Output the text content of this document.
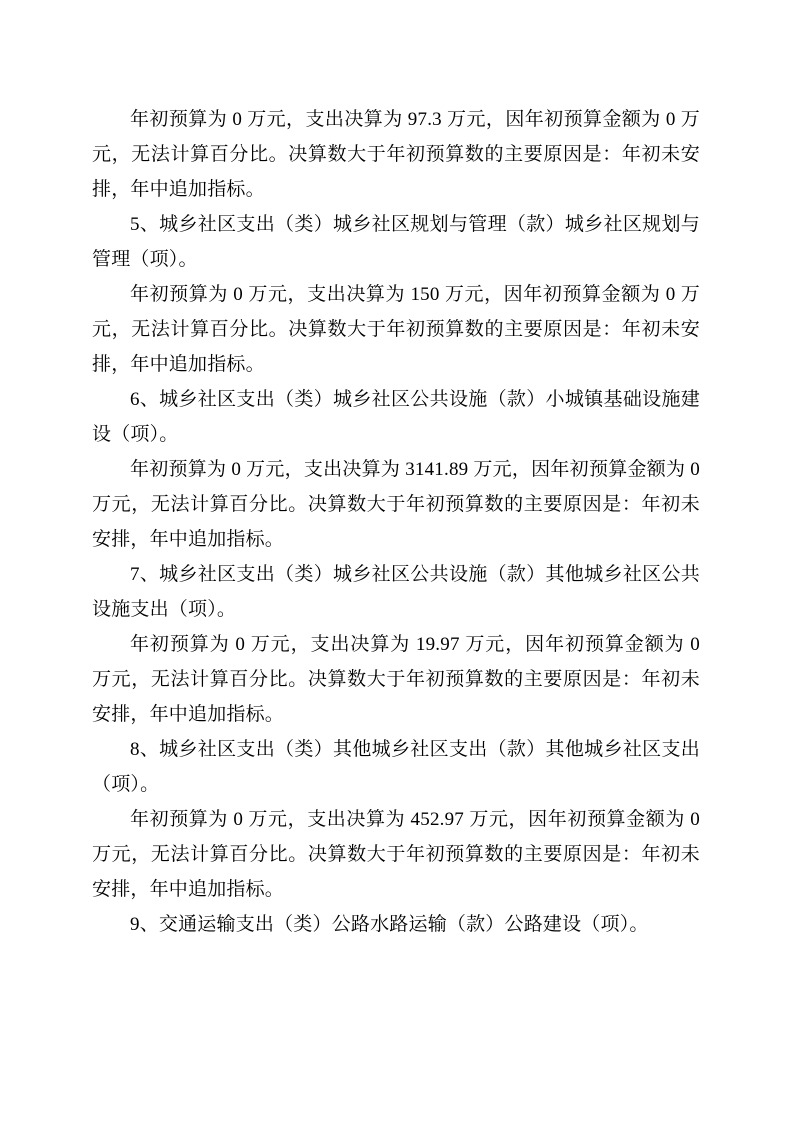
年初预算为 0 万元，支出决算为 97.3 万元，因年初预算金额为 0 万元，无法计算百分比。决算数大于年初预算数的主要原因是：年初未安排，年中追加指标。

5、城乡社区支出（类）城乡社区规划与管理（款）城乡社区规划与管理（项）。

年初预算为 0 万元，支出决算为 150 万元，因年初预算金额为 0 万元，无法计算百分比。决算数大于年初预算数的主要原因是：年初未安排，年中追加指标。

6、城乡社区支出（类）城乡社区公共设施（款）小城镇基础设施建设（项）。

年初预算为 0 万元，支出决算为 3141.89 万元，因年初预算金额为 0 万元，无法计算百分比。决算数大于年初预算数的主要原因是：年初未安排，年中追加指标。

7、城乡社区支出（类）城乡社区公共设施（款）其他城乡社区公共设施支出（项）。

年初预算为 0 万元，支出决算为 19.97 万元，因年初预算金额为 0 万元，无法计算百分比。决算数大于年初预算数的主要原因是：年初未安排，年中追加指标。

8、城乡社区支出（类）其他城乡社区支出（款）其他城乡社区支出（项）。

年初预算为 0 万元，支出决算为 452.97 万元，因年初预算金额为 0 万元，无法计算百分比。决算数大于年初预算数的主要原因是：年初未安排，年中追加指标。

9、交通运输支出（类）公路水路运输（款）公路建设（项）。
